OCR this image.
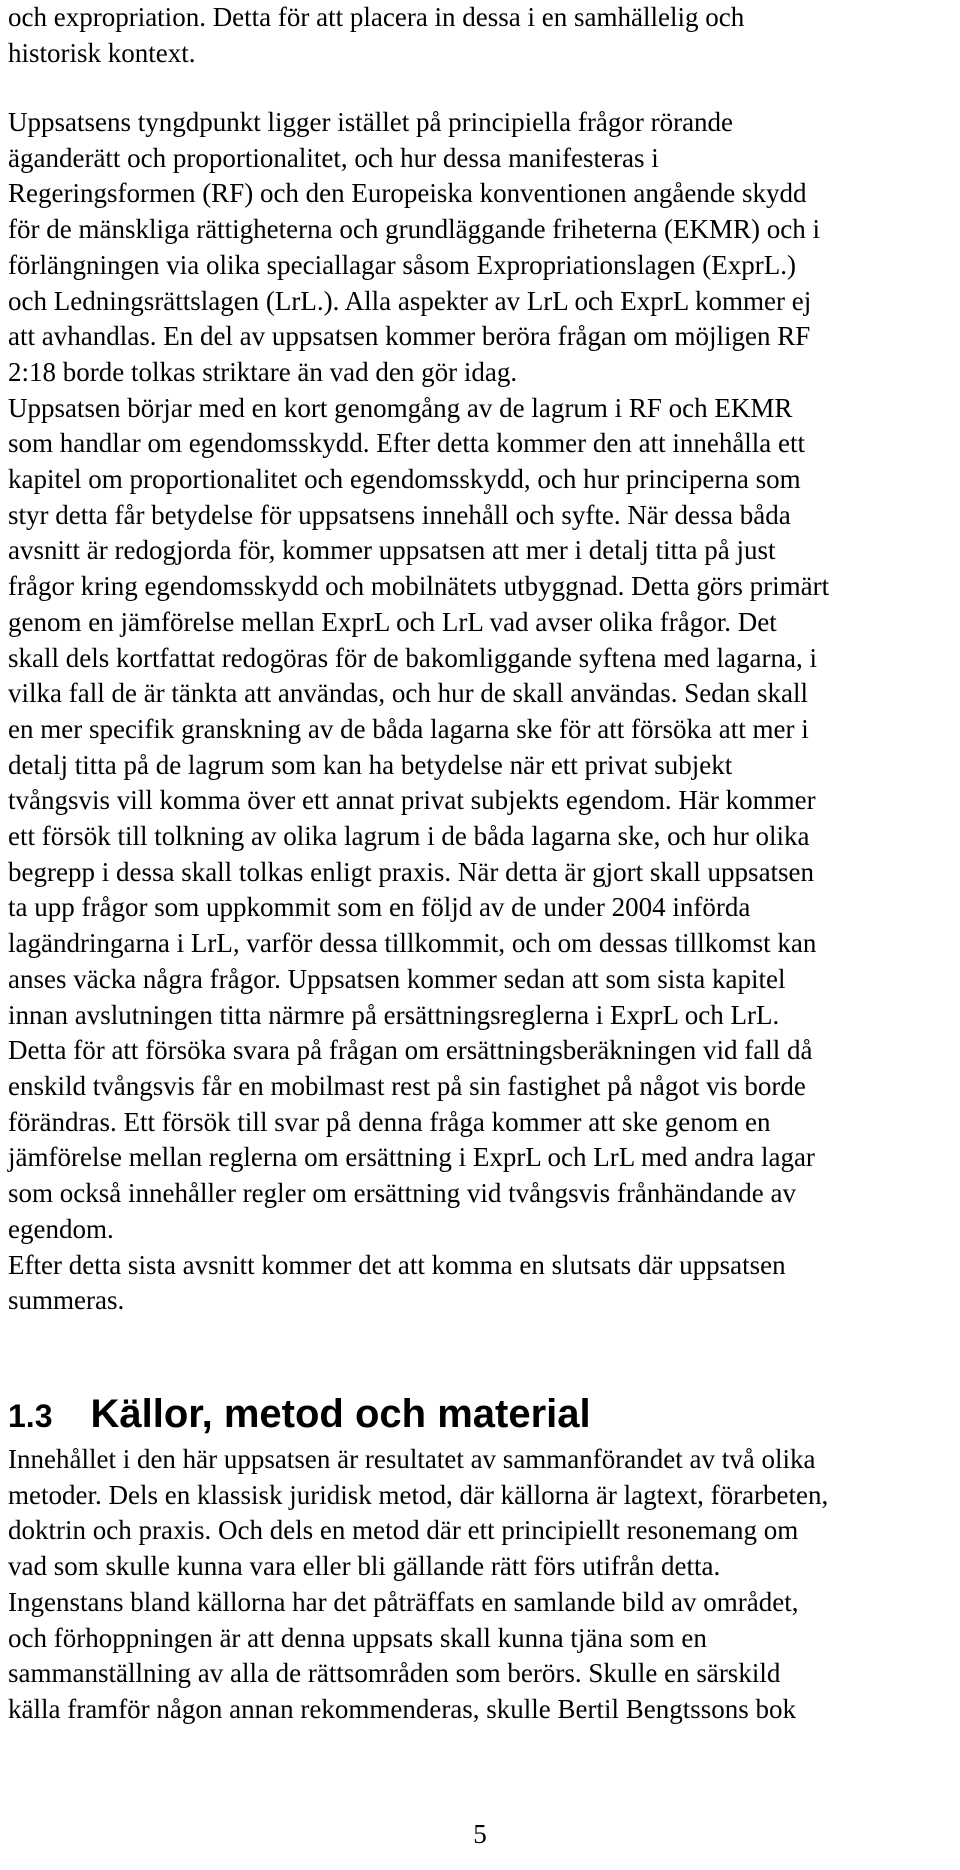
och expropriation. Detta för att placera in dessa i en samhällelig och
historisk kontext.
Uppsatsens tyngdpunkt ligger istället på principiella frågor rörande
äganderätt och proportionalitet, och hur dessa manifesteras i
Regeringsformen (RF) och den Europeiska konventionen angående skydd
för de mänskliga rättigheterna och grundläggande friheterna (EKMR) och i
förlängningen via olika speciallagar såsom Expropriationslagen (ExprL.)
och Ledningsrättslagen (LrL.). Alla aspekter av LrL och ExprL kommer ej
att avhandlas. En del av uppsatsen kommer beröra frågan om möjligen RF
2:18 borde tolkas striktare än vad den gör idag.
Uppsatsen börjar med en kort genomgång av de lagrum i RF och EKMR
som handlar om egendomsskydd. Efter detta kommer den att innehålla ett
kapitel om proportionalitet och egendomsskydd, och hur principerna som
styr detta får betydelse för uppsatsens innehåll och syfte. När dessa båda
avsnitt är redogjorda för, kommer uppsatsen att mer i detalj titta på just
frågor kring egendomsskydd och mobilnätets utbyggnad. Detta görs primärt
genom en jämförelse mellan ExprL och LrL vad avser olika frågor. Det
skall dels kortfattat redogöras för de bakomliggande syftena med lagarna, i
vilka fall de är tänkta att användas, och hur de skall användas. Sedan skall
en mer specifik granskning av de båda lagarna ske för att försöka att mer i
detalj titta på de lagrum som kan ha betydelse när ett privat subjekt
tvångsvis vill komma över ett annat privat subjekts egendom. Här kommer
ett försök till tolkning av olika lagrum i de båda lagarna ske, och hur olika
begrepp i dessa skall tolkas enligt praxis. När detta är gjort skall uppsatsen
ta upp frågor som uppkommit som en följd av de under 2004 införda
lagändringarna i LrL, varför dessa tillkommit, och om dessas tillkomst kan
anses väcka några frågor. Uppsatsen kommer sedan att som sista kapitel
innan avslutningen titta närmre på ersättningsreglerna i ExprL och LrL.
Detta för att försöka svara på frågan om ersättningsberäkningen vid fall då
enskild tvångsvis får en mobilmast rest på sin fastighet på något vis borde
förändras. Ett försök till svar på denna fråga kommer att ske genom en
jämförelse mellan reglerna om ersättning i ExprL och LrL med andra lagar
som också innehåller regler om ersättning vid tvångsvis frånhändande av
egendom.
Efter detta sista avsnitt kommer det att komma en slutsats där uppsatsen
summeras.
1.3 Källor, metod och material
Innehållet i den här uppsatsen är resultatet av sammanförandet av två olika
metoder. Dels en klassisk juridisk metod, där källorna är lagtext, förarbeten,
doktrin och praxis. Och dels en metod där ett principiellt resonemang om
vad som skulle kunna vara eller bli gällande rätt förs utifrån detta.
Ingenstans bland källorna har det påträffats en samlande bild av området,
och förhoppningen är att denna uppsats skall kunna tjäna som en
sammanställning av alla de rättsområden som berörs. Skulle en särskild
källa framför någon annan rekommenderas, skulle Bertil Bengtssons bok
5
